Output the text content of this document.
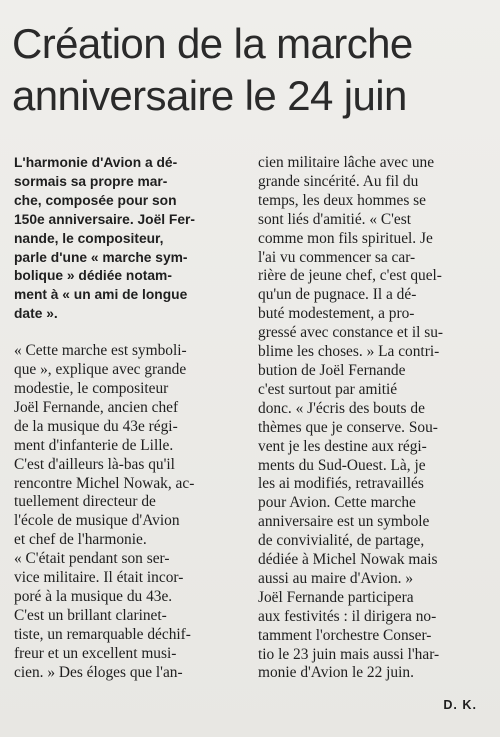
Création de la marche
anniversaire le 24 juin

L'harmonie d'Avion a dé-
sormais sa propre mar-
che, composée pour son
150e anniversaire. Joël Fer-
nande, le compositeur,
parle d'une « marche sym-
bolique » dédiée notam-
ment à « un ami de longue
date ».

« Cette marche est symboli-
que », explique avec grande
modestie, le compositeur
Joël Fernande, ancien chef
de la musique du 43e régi-
ment d'infanterie de Lille.
C'est d'ailleurs là-bas qu'il
rencontre Michel Nowak, ac-
tuellement directeur de
l'école de musique d'Avion
et chef de l'harmonie.
« C'était pendant son ser-
vice militaire. Il était incor-
poré à la musique du 43e.
C'est un brillant clarinet-
tiste, un remarquable déchif-
freur et un excellent musi-
cien. » Des éloges que l'an-

cien militaire lâche avec une
grande sincérité. Au fil du
temps, les deux hommes se
sont liés d'amitié. « C'est
comme mon fils spirituel. Je
l'ai vu commencer sa car-
rière de jeune chef, c'est quel-
qu'un de pugnace. Il a dé-
buté modestement, a pro-
gressé avec constance et il su-
blime les choses. » La contri-
bution de Joël Fernande
c'est surtout par amitié
donc. « J'écris des bouts de
thèmes que je conserve. Sou-
vent je les destine aux régi-
ments du Sud-Ouest. Là, je
les ai modifiés, retravaillés
pour Avion. Cette marche
anniversaire est un symbole
de convivialité, de partage,
dédiée à Michel Nowak mais
aussi au maire d'Avion. »
Joël Fernande participera
aux festivités : il dirigera no-
tamment l'orchestre Conser-
tio le 23 juin mais aussi l'har-
monie d'Avion le 22 juin.

D. K.
